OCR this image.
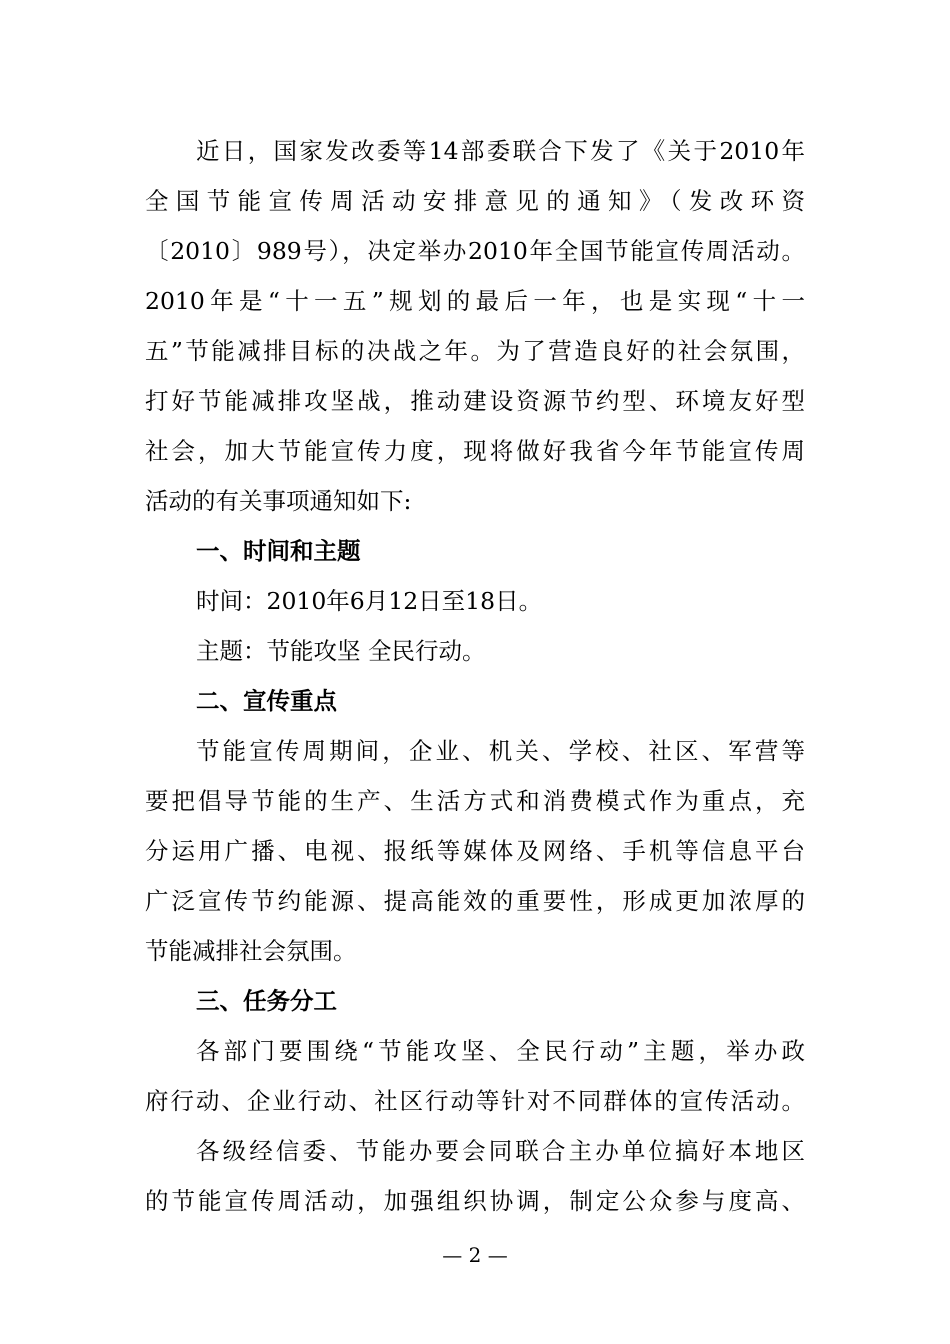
近日，国家发改委等14部委联合下发了《关于2010年
全国节能宣传周活动安排意见的通知》（发改环资
〔2010〕989号），决定举办2010年全国节能宣传周活动。
2010年是“十一五”规划的最后一年，也是实现“十一
五”节能减排目标的决战之年。为了营造良好的社会氛围，
打好节能减排攻坚战，推动建设资源节约型、环境友好型
社会，加大节能宣传力度，现将做好我省今年节能宣传周
活动的有关事项通知如下:
一、时间和主题
时间：2010年6月12日至18日。
主题：节能攻坚 全民行动。
二、宣传重点
节能宣传周期间，企业、机关、学校、社区、军营等
要把倡导节能的生产、生活方式和消费模式作为重点，充
分运用广播、电视、报纸等媒体及网络、手机等信息平台
广泛宣传节约能源、提高能效的重要性，形成更加浓厚的
节能减排社会氛围。
三、任务分工
各部门要围绕“节能攻坚、全民行动”主题，举办政
府行动、企业行动、社区行动等针对不同群体的宣传活动。
各级经信委、节能办要会同联合主办单位搞好本地区
的节能宣传周活动，加强组织协调，制定公众参与度高、
— 2 —
